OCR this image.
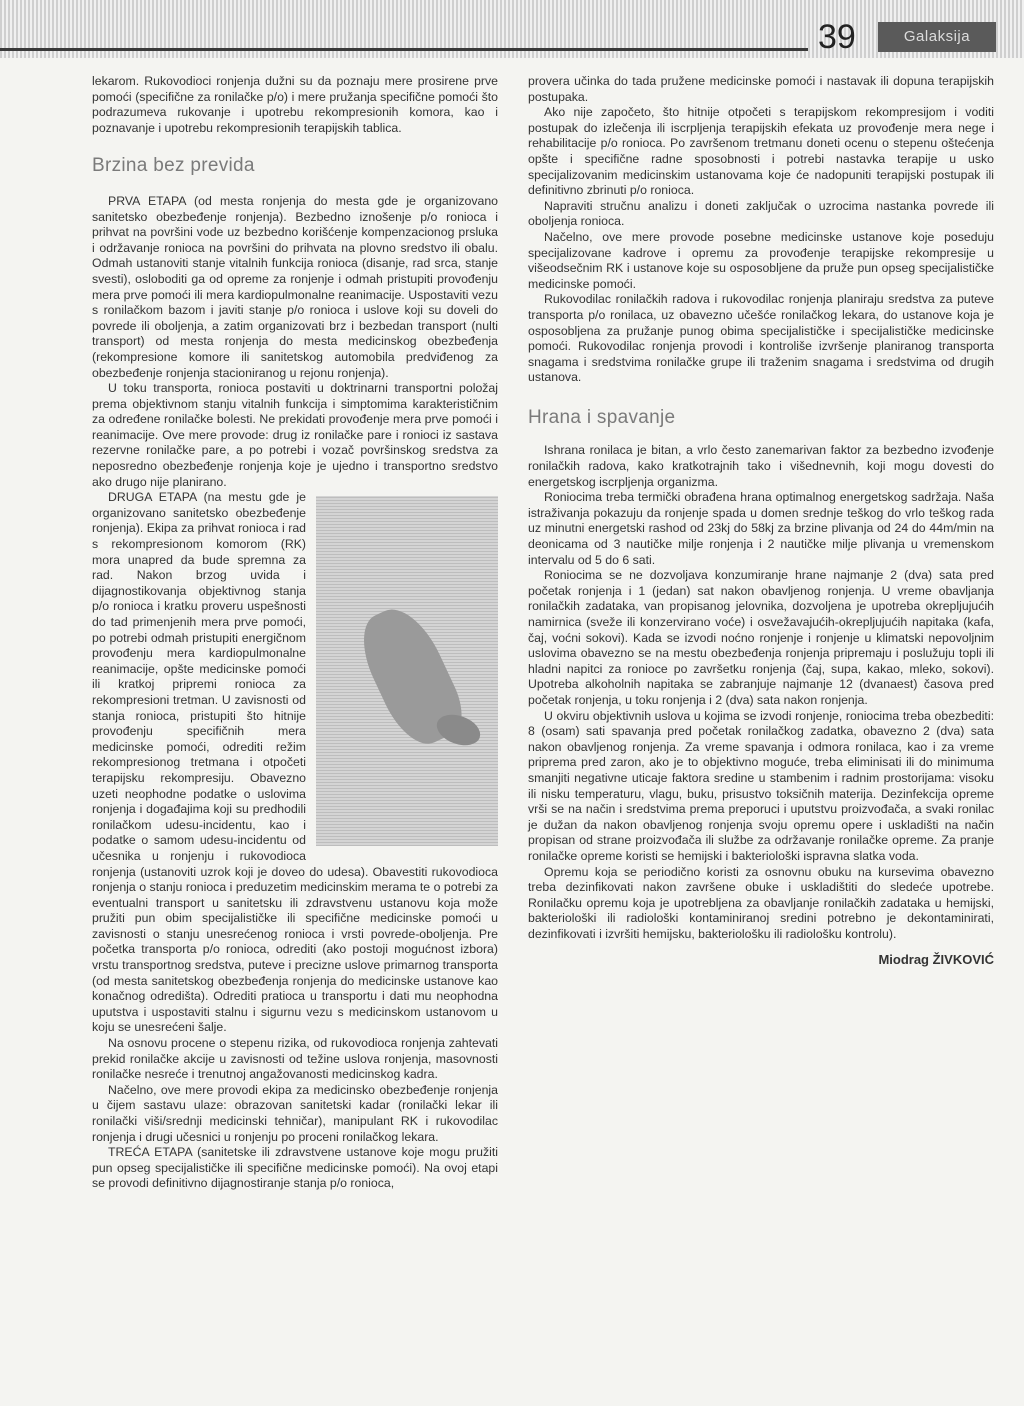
39	Galaksija

lekarom. Rukovodioci ronjenja dužni su da poznaju mere prosirene prve pomoći (specifične za ronilačke p/o) i mere pružanja specifične pomoći što podrazumeva rukovanje i upotrebu rekompresionih komora, kao i poznavanje i upotrebu rekompresionih terapijskih tablica.

Brzina bez previda

PRVA ETAPA (od mesta ronjenja do mesta gde je organizovano sanitetsko obezbeđenje ronjenja). Bezbedno iznošenje p/o ronioca i prihvat na površini vode uz bezbedno korišćenje kompenzacionog prsluka i održavanje ronioca na površini do prihvata na plovno sredstvo ili obalu. Odmah ustanoviti stanje vitalnih funkcija ronioca (disanje, rad srca, stanje svesti), osloboditi ga od opreme za ronjenje i odmah pristupiti provođenju mera prve pomoći ili mera kardiopulmonalne reanimacije. Uspostaviti vezu s ronilačkom bazom i javiti stanje p/o ronioca i uslove koji su doveli do povrede ili oboljenja, a zatim organizovati brz i bezbedan transport (nulti transport) od mesta ronjenja do mesta medicinskog obezbeđenja (rekompresione komore ili sanitetskog automobila predviđenog za obezbeđenje ronjenja stacioniranog u rejonu ronjenja).

U toku transporta, ronioca postaviti u doktrinarni transportni položaj prema objektivnom stanju vitalnih funkcija i simptomima karakterističnim za određene ronilačke bolesti. Ne prekidati provođenje mera prve pomoći i reanimacije. Ove mere provode: drug iz ronilačke pare i ronioci iz sastava rezervne ronilačke pare, a po potrebi i vozač površinskog sredstva za neposredno obezbeđenje ronjenja koje je ujedno i transportno sredstvo ako drugo nije planirano.

DRUGA ETAPA (na mestu gde je organizovano sanitetsko obezbeđenje ronjenja). Ekipa za prihvat ronioca i rad s rekompresionom komorom (RK) mora unapred da bude spremna za rad. Nakon brzog uvida i dijagnostikovanja objektivnog stanja p/o ronioca i kratku proveru uspešnosti do tad primenjenih mera prve pomoći, po potrebi odmah pristupiti energičnom provođenju mera kardiopulmonalne reanimacije, opšte medicinske pomoći ili kratkoj pripremi ronioca za rekompresioni tretman. U zavisnosti od stanja ronioca, pristupiti što hitnije provođenju specifičnih mera medicinske pomoći, odrediti režim rekompresionog tretmana i otpočeti terapijsku rekompresiju. Obavezno uzeti neophodne podatke o uslovima ronjenja i događajima koji su predhodili ronilačkom udesu-incidentu, kao i podatke o samom udesu-incidentu od učesnika u ronjenju i rukovodioca ronjenja (ustanoviti uzrok koji je doveo do udesa). Obavestiti rukovodioca ronjenja o stanju ronioca i preduzetim medicinskim merama te o potrebi za eventualni transport u sanitetsku ili zdravstvenu ustanovu koja može pružiti pun obim specijalističke ili specifične medicinske pomoći u zavisnosti o stanju unesrećenog ronioca i vrsti povrede-oboljenja. Pre početka transporta p/o ronioca, odrediti (ako postoji mogućnost izbora) vrstu transportnog sredstva, puteve i precizne uslove primarnog transporta (od mesta sanitetskog obezbeđenja ronjenja do medicinske ustanove kao konačnog odredišta). Odrediti pratioca u transportu i dati mu neophodna uputstva i uspostaviti stalnu i sigurnu vezu s medicinskom ustanovom u koju se unesrećeni šalje.

Na osnovu procene o stepenu rizika, od rukovodioca ronjenja zahtevati prekid ronilačke akcije u zavisnosti od težine uslova ronjenja, masovnosti ronilačke nesreće i trenutnoj angažovanosti medicinskog kadra.

Načelno, ove mere provodi ekipa za medicinsko obezbeđenje ronjenja u čijem sastavu ulaze: obrazovan sanitetski kadar (ronilački lekar ili ronilački viši/srednji medicinski tehničar), manipulant RK i rukovodilac ronjenja i drugi učesnici u ronjenju po proceni ronilačkog lekara.

TREĆA ETAPA (sanitetske ili zdravstvene ustanove koje mogu pružiti pun opseg specijalističke ili specifične medicinske pomoći). Na ovoj etapi se provodi definitivno dijagnostiranje stanja p/o ronioca,

provera učinka do tada pružene medicinske pomoći i nastavak ili dopuna terapijskih postupaka.

Ako nije započeto, što hitnije otpočeti s terapijskom rekompresijom i voditi postupak do izlečenja ili iscrpljenja terapijskih efekata uz provođenje mera nege i rehabilitacije p/o ronioca. Po završenom tretmanu doneti ocenu o stepenu oštećenja opšte i specifične radne sposobnosti i potrebi nastavka terapije u usko specijalizovanim medicinskim ustanovama koje će nadopuniti terapijski postupak ili definitivno zbrinuti p/o ronioca.

Napraviti stručnu analizu i doneti zaključak o uzrocima nastanka povrede ili oboljenja ronioca.

Načelno, ove mere provode posebne medicinske ustanove koje poseduju specijalizovane kadrove i opremu za provođenje terapijske rekompresije u višeodsečnim RK i ustanove koje su osposobljene da pruže pun opseg specijalističke medicinske pomoći.

Rukovodilac ronilačkih radova i rukovodilac ronjenja planiraju sredstva za puteve transporta p/o ronilaca, uz obavezno učešće ronilačkog lekara, do ustanove koja je osposobljena za pružanje punog obima specijalističke i specijalističke medicinske pomoći. Rukovodilac ronjenja provodi i kontroliše izvršenje planiranog transporta snagama i sredstvima ronilačke grupe ili traženim snagama i sredstvima od drugih ustanova.

Hrana i spavanje

Ishrana ronilaca je bitan, a vrlo često zanemarivan faktor za bezbedno izvođenje ronilačkih radova, kako kratkotrajnih tako i višednevnih, koji mogu dovesti do energetskog iscrpljenja organizma.

Roniocima treba termički obrađena hrana optimalnog energetskog sadržaja. Naša istraživanja pokazuju da ronjenje spada u domen srednje teškog do vrlo teškog rada uz minutni energetski rashod od 23kj do 58kj za brzine plivanja od 24 do 44m/min na deonicama od 3 nautičke milje ronjenja i 2 nautičke milje plivanja u vremenskom intervalu od 5 do 6 sati.

Roniocima se ne dozvoljava konzumiranje hrane najmanje 2 (dva) sata pred početak ronjenja i 1 (jedan) sat nakon obavljenog ronjenja. U vreme obavljanja ronilačkih zadataka, van propisanog jelovnika, dozvoljena je upotreba okrepljujućih namirnica (sveže ili konzervirano voće) i osvežavajućih-okrepljujućih napitaka (kafa, čaj, voćni sokovi). Kada se izvodi noćno ronjenje i ronjenje u klimatski nepovoljnim uslovima obavezno se na mestu obezbeđenja ronjenja pripremaju i poslužuju topli ili hladni napitci za ronioce po završetku ronjenja (čaj, supa, kakao, mleko, sokovi). Upotreba alkoholnih napitaka se zabranjuje najmanje 12 (dvanaest) časova pred početak ronjenja, u toku ronjenja i 2 (dva) sata nakon ronjenja.

U okviru objektivnih uslova u kojima se izvodi ronjenje, roniocima treba obezbediti: 8 (osam) sati spavanja pred početak ronilačkog zadatka, obavezno 2 (dva) sata nakon obavljenog ronjenja. Za vreme spavanja i odmora ronilaca, kao i za vreme priprema pred zaron, ako je to objektivno moguće, treba eliminisati ili do minimuma smanjiti negativne uticaje faktora sredine u stambenim i radnim prostorijama: visoku ili nisku temperaturu, vlagu, buku, prisustvo toksičnih materija. Dezinfekcija opreme vrši se na način i sredstvima prema preporuci i uputstvu proizvođača, a svaki ronilac je dužan da nakon obavljenog ronjenja svoju opremu opere i uskladišti na način propisan od strane proizvođača ili službe za održavanje ronilačke opreme. Za pranje ronilačke opreme koristi se hemijski i bakteriološki ispravna slatka voda.

Opremu koja se periodično koristi za osnovnu obuku na kursevima obavezno treba dezinfikovati nakon završene obuke i uskladištiti do sledeće upotrebe. Ronilačku opremu koja je upotrebljena za obavljanje ronilačkih zadataka u hemijski, bakteriološki ili radiološki kontaminiranoj sredini potrebno je dekontaminirati, dezinfikovati i izvršiti hemijsku, bakteriološku ili radiološku kontrolu).

Miodrag ŽIVKOVIĆ
